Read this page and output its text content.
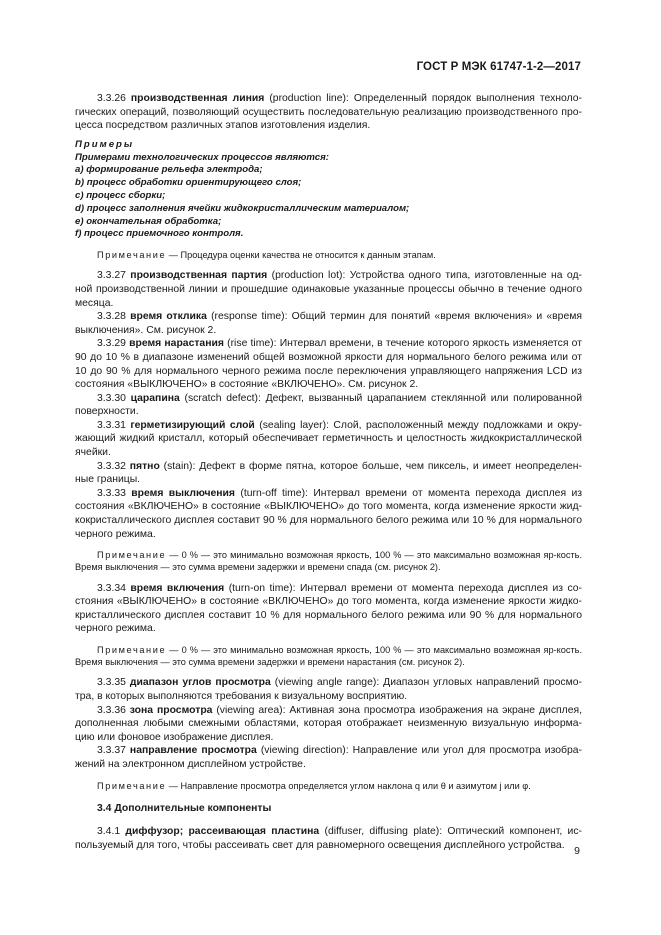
ГОСТ Р МЭК 61747-1-2—2017

3.3.26 производственная линия (production line): Определенный порядок выполнения техноло-гических операций, позволяющий осуществить последовательную реализацию производственного про-цесса посредством различных этапов изготовления изделия.

Примеры
Примерами технологических процессов являются:
a) формирование рельефа электрода;
b) процесс обработки ориентирующего слоя;
c) процесс сборки;
d) процесс заполнения ячейки жидкокристаллическим материалом;
e) окончательная обработка;
f) процесс приемочного контроля.

Примечание — Процедура оценки качества не относится к данным этапам.

3.3.27 производственная партия (production lot): Устройства одного типа, изготовленные на од-ной производственной линии и прошедшие одинаковые указанные процессы обычно в течение одного месяца.

3.3.28 время отклика (response time): Общий термин для понятий «время включения» и «время выключения». См. рисунок 2.

3.3.29 время нарастания (rise time): Интервал времени, в течение которого яркость изменяется от 90 до 10 % в диапазоне изменений общей возможной яркости для нормального белого режима или от 10 до 90 % для нормального черного режима после переключения управляющего напряжения LCD из состояния «ВЫКЛЮЧЕНО» в состояние «ВКЛЮЧЕНО». См. рисунок 2.

3.3.30 царапина (scratch defect): Дефект, вызванный царапанием стеклянной или полированной поверхности.

3.3.31 герметизирующий слой (sealing layer): Слой, расположенный между подложками и окру-жающий жидкий кристалл, который обеспечивает герметичность и целостность жидкокристаллической ячейки.

3.3.32 пятно (stain): Дефект в форме пятна, которое больше, чем пиксель, и имеет неопределен-ные границы.

3.3.33 время выключения (turn-off time): Интервал времени от момента перехода дисплея из состояния «ВКЛЮЧЕНО» в состояние «ВЫКЛЮЧЕНО» до того момента, когда изменение яркости жид-кокристаллического дисплея составит 90 % для нормального белого режима или 10 % для нормального черного режима.

Примечание — 0 % — это минимально возможная яркость, 100 % — это максимально возможная яр-кость. Время выключения — это сумма времени задержки и времени спада (см. рисунок 2).

3.3.34 время включения (turn-on time): Интервал времени от момента перехода дисплея из со-стояния «ВЫКЛЮЧЕНО» в состояние «ВКЛЮЧЕНО» до того момента, когда изменение яркости жидко-кристаллического дисплея составит 10 % для нормального белого режима или 90 % для нормального черного режима.

Примечание — 0 % — это минимально возможная яркость, 100 % — это максимально возможная яр-кость. Время выключения — это сумма времени задержки и времени нарастания (см. рисунок 2).

3.3.35 диапазон углов просмотра (viewing angle range): Диапазон угловых направлений просмо-тра, в которых выполняются требования к визуальному восприятию.

3.3.36 зона просмотра (viewing area): Активная зона просмотра изображения на экране дисплея, дополненная любыми смежными областями, которая отображает неизменную визуальную информа-цию или фоновое изображение дисплея.

3.3.37 направление просмотра (viewing direction): Направление или угол для просмотра изобра-жений на электронном дисплейном устройстве.

Примечание — Направление просмотра определяется углом наклона q или θ и азимутом j или φ.

3.4 Дополнительные компоненты

3.4.1 диффузор; рассеивающая пластина (diffuser, diffusing plate): Оптический компонент, ис-пользуемый для того, чтобы рассеивать свет для равномерного освещения дисплейного устройства. 9
